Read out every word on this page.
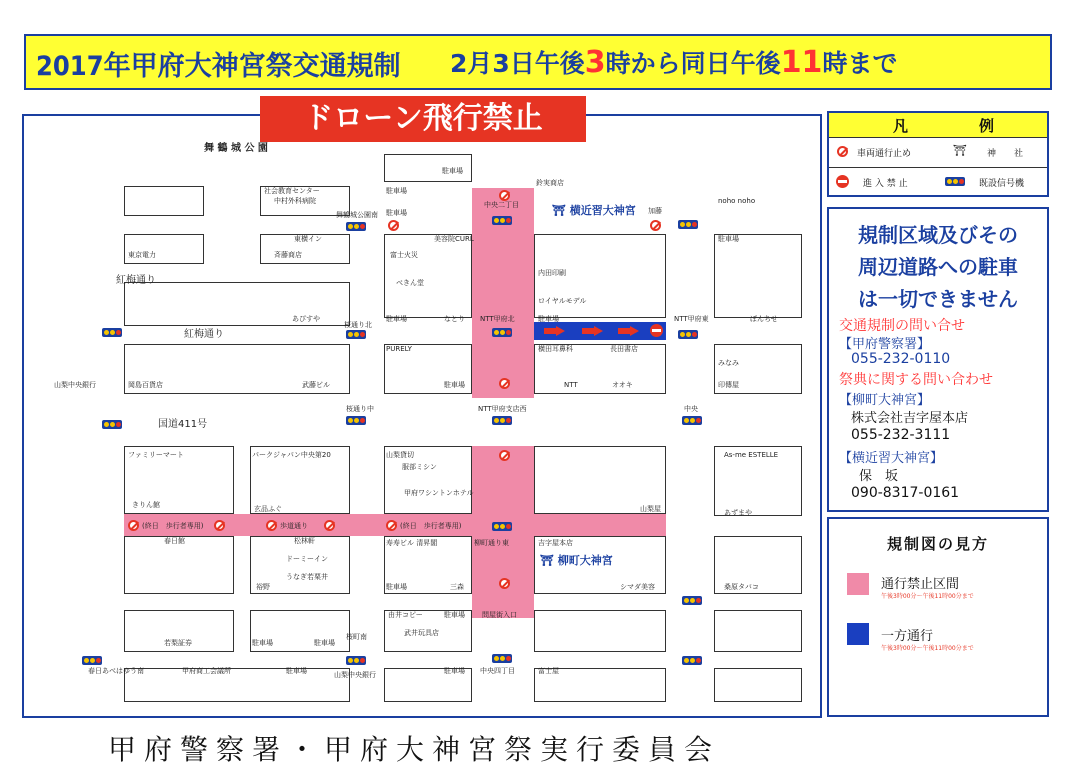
2017年甲府大神宮祭交通規制 2月3日午後3時から同日午後11時まで
舞 鶴 城 公 園
紅梅通り
紅梅通り
国道411号
⛩ 横近習大神宮
⛩ 柳町大神宮
社会教育センター
中村外科病院
東京電力
東横イン
斉藤商店
あぴすや
山梨中央銀行	岡島百貨店	武藤ビル
駐車場
駐車場
駐車場
駐車場
美容院CURL
富士火災
べきん堂
なとり
PURELY
駐車場
NTT甲府北
鈴実商店
内田印刷
ロイヤルモデル
駐車場
横田耳鼻科	長田書店
NTT	オオキ
noho noho
駐車場
ぼんちせ
みなみ
印傳屋
NTT甲府東
中央二丁目
舞鶴城公園南
桜通り北
加藤
ファミリーマート	パークジャパン中央第20
きりん館	玄品ふぐ
春日館	松林軒
ドーミーイン
うなぎ若栗井
裕野
駐車場	駐車場
若梨証券
山梨貸切
服部ミシン
甲府ワシントンホテル
寿寿ビル 清昇閣	柳町通り東
駐車場	三森
由井コピー	駐車場
武井玩具店
問屋街入口
吉字屋本店
シマダ美容
As-me ESTELLE
あずまや
山梨屋
桑原タバコ
富士屋
中央四丁目
山梨中央銀行
駐車場	駐車場
甲府商工会議所
春日あべはゆう南
桜町南
桜通り中	NTT甲府支店西	中央
(終日　歩行者専用)	歩道通り	(終日　歩行者専用)
ドローン飛行禁止	凡	例
車両通行止め	⛩ 神　　社
進 入 禁 止	既設信号機
規制区域及びその
周辺道路への駐車
は一切できません
交通規制の問い合せ
【甲府警察署】
055-232-0110
祭典に関する問い合わせ
【柳町大神宮】
株式会社吉字屋本店
055-232-3111
【横近習大神宮】
保　坂
090-8317-0161
規制図の見方
通行禁止区間
午後3時00分～午後11時00分まで
一方通行
午後3時00分～午後11時00分まで
甲府警察署・甲府大神宮祭実行委員会
